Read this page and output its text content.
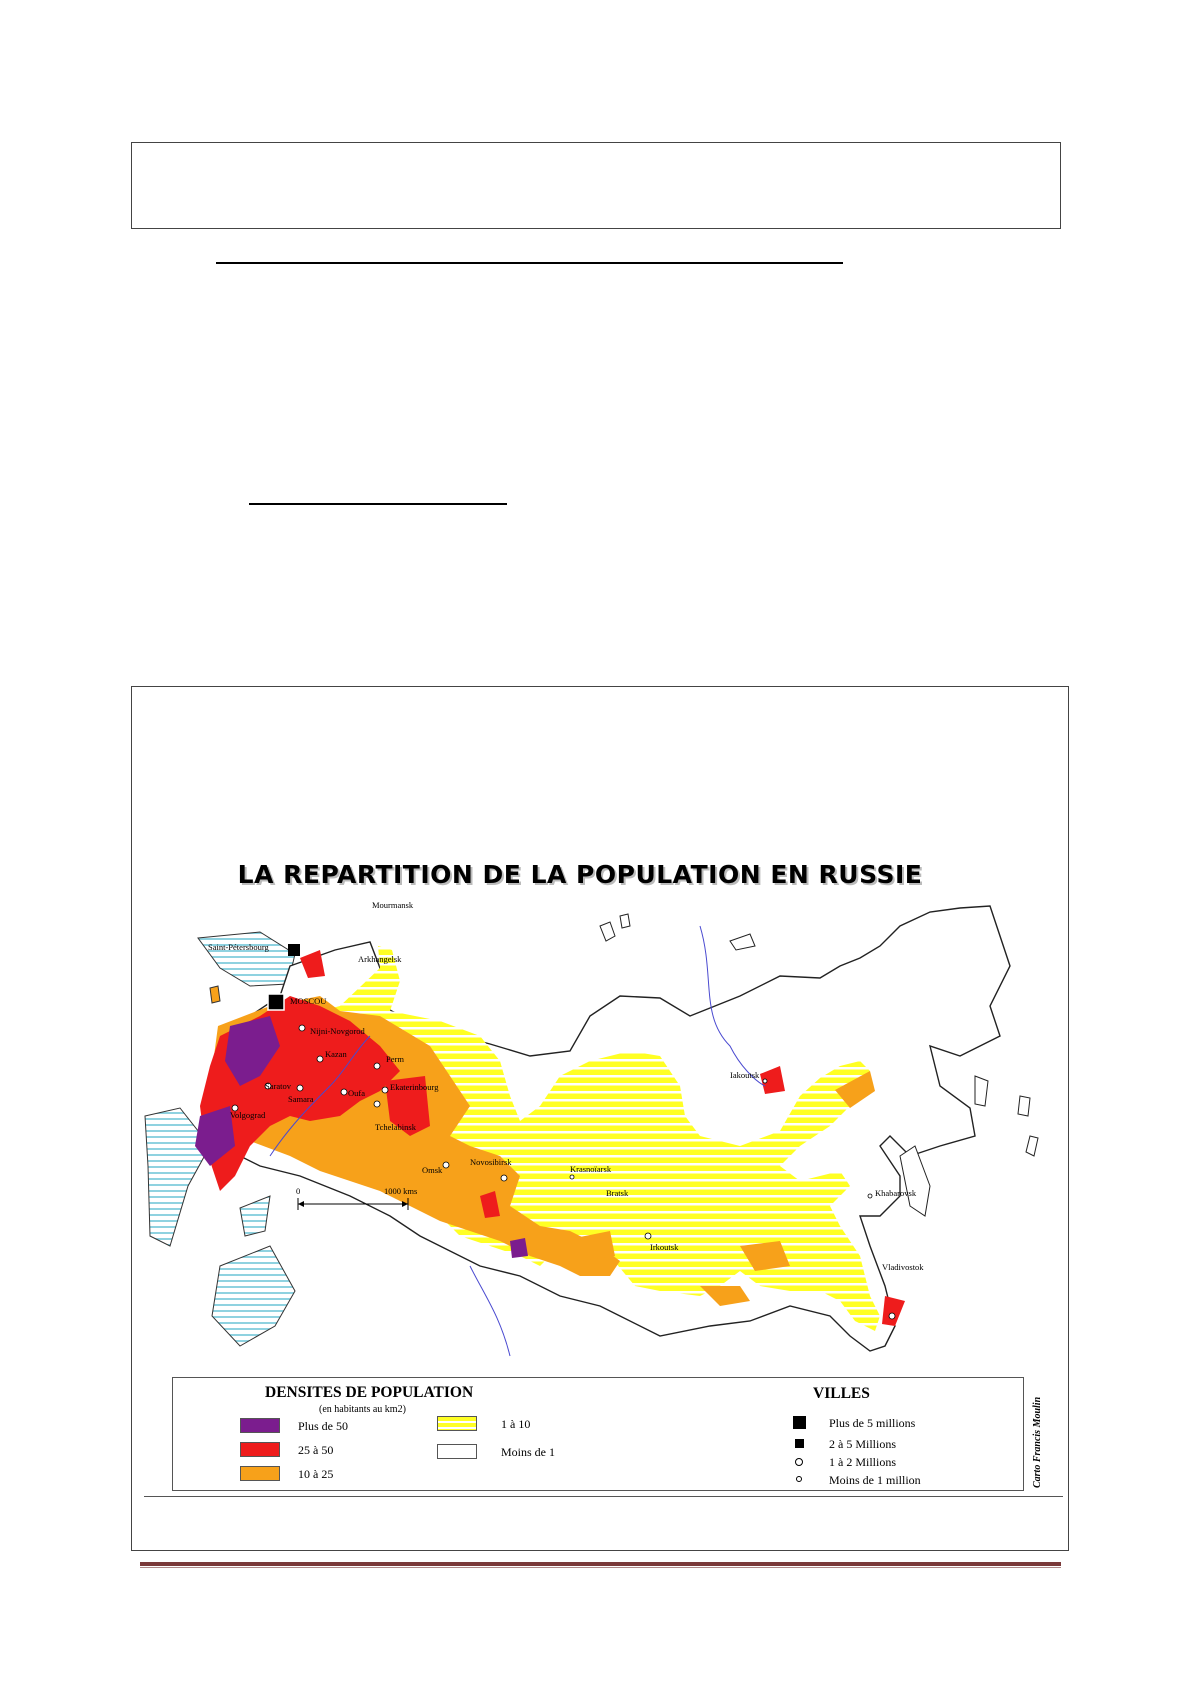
LA REPARTITION DE LA POPULATION EN RUSSIE
Mourmansk
Saint-Pétersbourg
Arkhangelsk
MOSCOU
Nijni-Novgorod
Kazan	Perm
Ekaterinbourg
Saratov
Samara
Oufa
Volgograd
Tchelabinsk
Omsk
Novosibirsk
Krasnoïarsk
Bratsk
Irkoutsk
Iakoutsk
Khabarovsk
Vladivostok
0	1000 kms
DENSITES DE POPULATION
(en habitants au km2)
Plus de 50
25 à 50
10 à 25
1 à 10
Moins de 1
VILLES
Plus de 5 millions
2 à 5 Millions
1 à 2 Millions
Moins de 1 million	Carto Francis Moulin
